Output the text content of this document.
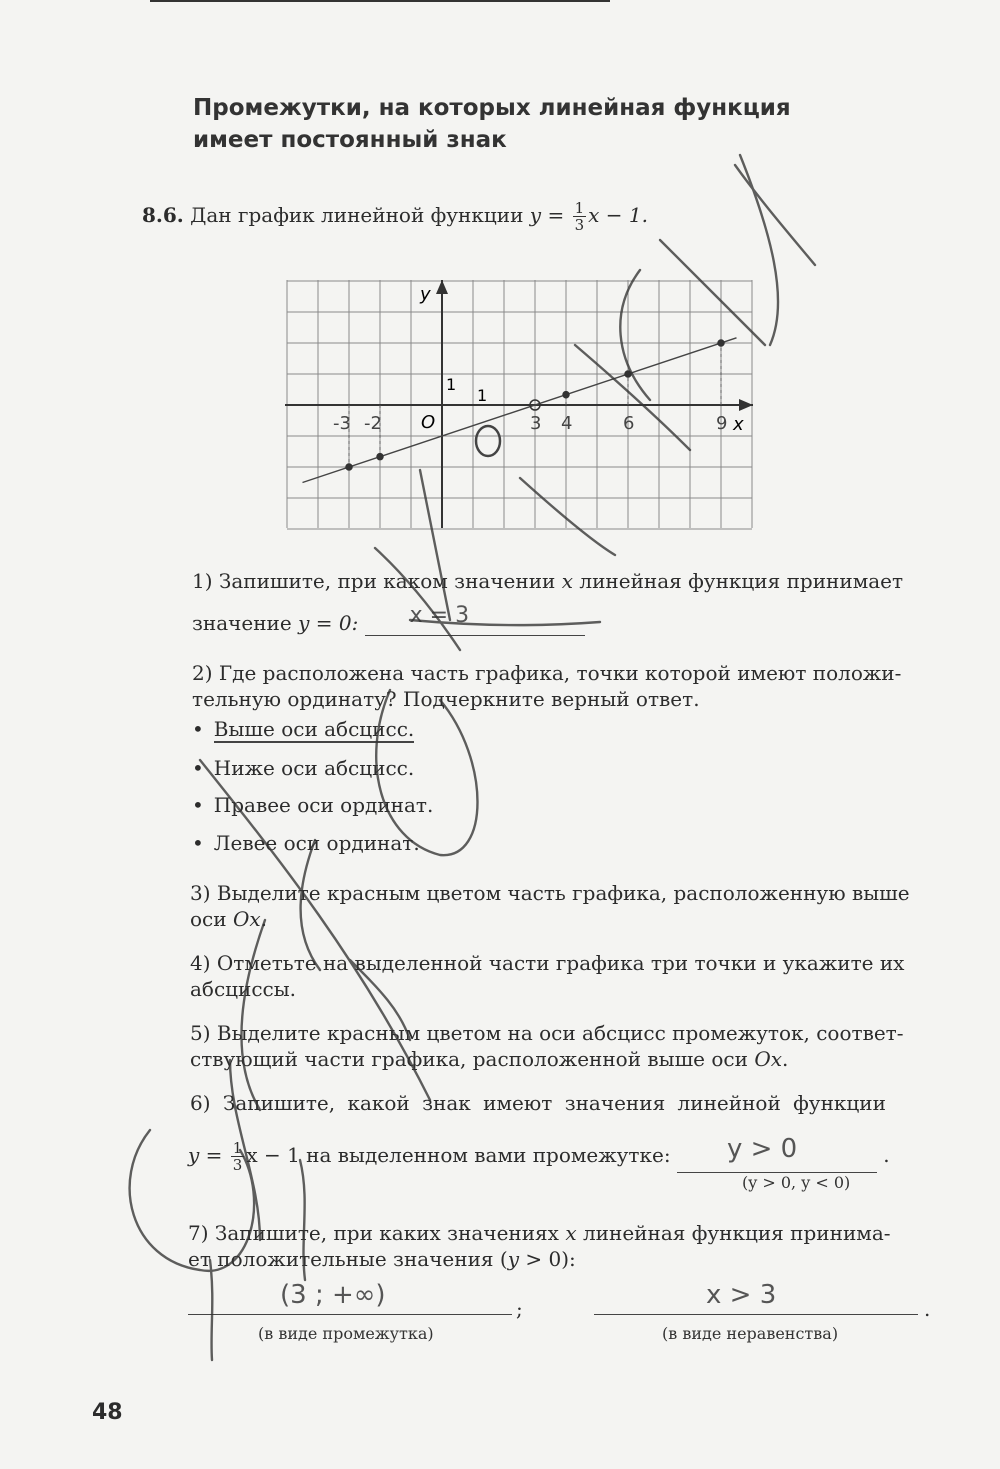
Промежутки, на которых линейная функция
имеет постоянный знак
8.6. Дан график линейной функции $y = \frac{1}{3}$ x − 1.
y
x
O
1
1
-3 -2	3 4	6	9
1) Запишите, при каком значении x линейная функция принимает
значение y = 0: x = 3
2) Где расположена часть графика, точки которой имеют положи-
тельную ординату? Подчеркните верный ответ.
• Выше оси абсцисс.
• Ниже оси абсцисс.
• Правее оси ординат.
• Левее оси ординат.
3) Выделите красным цветом часть графика, расположенную выше
оси Ox.
4) Отметьте на выделенной части графика три точки и укажите их
абсциссы.
5) Выделите красным цветом на оси абсцисс промежуток, соответ-
ствующий части графика, расположенной выше оси Ox.
6) Запишите, какой знак имеют значения линейной функции
$y = \frac{1}{3}$ x − 1 на выделенном вами промежутке: y > 0	.
(y > 0, y < 0)
7) Запишите, при каких значениях x линейная функция принима-
ет положительные значения (y > 0):
(3 ; +∞)	;	x > 3	.
(в виде промежутка)	(в виде неравенства)
48
